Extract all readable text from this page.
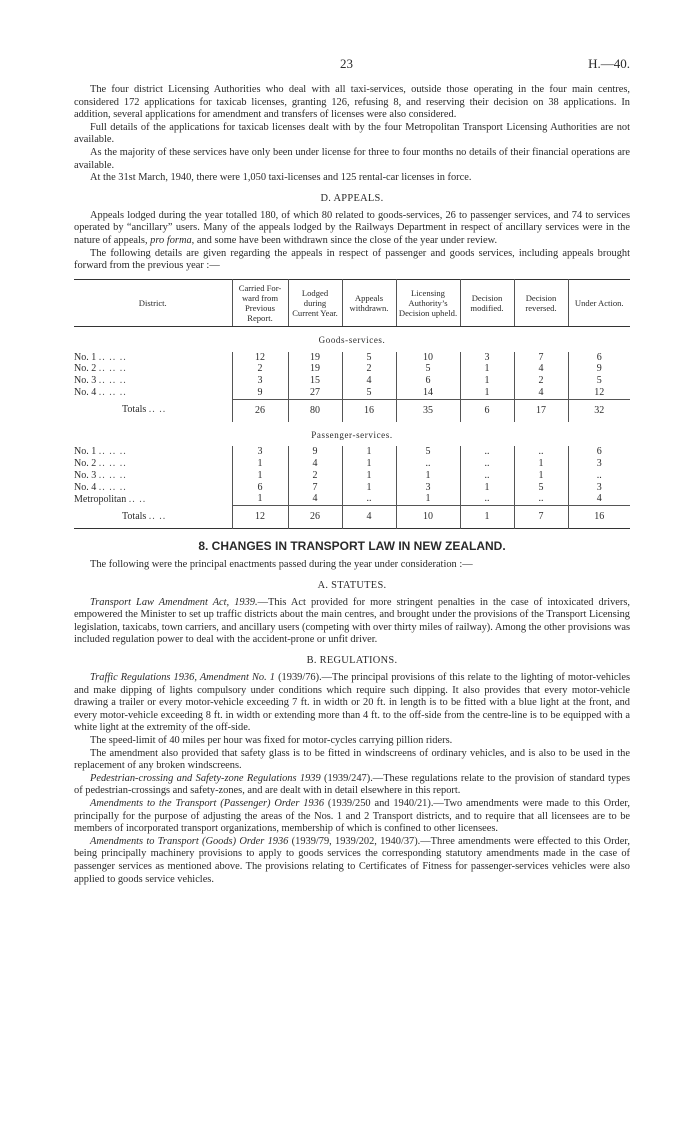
23	H.—40.

The four district Licensing Authorities who deal with all taxi-services, outside those operating in the four main centres, considered 172 applications for taxicab licenses, granting 126, refusing 8, and reserving their decision on 38 applications. In addition, several applications for amendment and transfers of licenses were also considered.

Full details of the applications for taxicab licenses dealt with by the four Metropolitan Transport Licensing Authorities are not available.

As the majority of these services have only been under license for three to four months no details of their financial operations are available.

At the 31st March, 1940, there were 1,050 taxi-licenses and 125 rental-car licenses in force.

D. APPEALS.

Appeals lodged during the year totalled 180, of which 80 related to goods-services, 26 to passenger services, and 74 to services operated by “ancillary” users. Many of the appeals lodged by the Railways Department in respect of ancillary services were in the nature of appeals, pro forma, and some have been withdrawn since the close of the year under review.

The following details are given regarding the appeals in respect of passenger and goods services, including appeals brought forward from the previous year :—

District.	Carried For-ward from Previous Report.	Lodged during Current Year.	Appeals withdrawn.	Licensing Authority’s Decision upheld.	Decision modified.	Decision reversed.	Under Action.
Goods-services.							
No. 1 .. .. ..	12	19	5	10	3	7	6
No. 2 .. .. ..	2	19	2	5	1	4	9
No. 3 .. .. ..	3	15	4	6	1	2	5
No. 4 .. .. ..	9	27	5	14	1	4	12
Totals .. ..	26	80	16	35	6	17	32
Passenger-services.							
No. 1 .. .. ..	3	9	1	5	..	..	6
No. 2 .. .. ..	1	4	1	..	..	1	3
No. 3 .. .. ..	1	2	1	1	..	1	..
No. 4 .. .. ..	6	7	1	3	1	5	3
Metropolitan .. ..	1	4	..	1	..	..	4
Totals .. ..	12	26	4	10	1	7	16
8. CHANGES IN TRANSPORT LAW IN NEW ZEALAND.

The following were the principal enactments passed during the year under consideration :—

A. STATUTES.

Transport Law Amendment Act, 1939.—This Act provided for more stringent penalties in the case of intoxicated drivers, empowered the Minister to set up traffic districts about the main centres, and brought under the provisions of the Transport Licensing legislation, taxicabs, town carriers, and ancillary users (competing with over thirty miles of railway). Among the other provisions was included regulation power to deal with the accident-prone or unfit driver.

B. REGULATIONS.

Traffic Regulations 1936, Amendment No. 1 (1939/76).—The principal provisions of this relate to the lighting of motor-vehicles and make dipping of lights compulsory under conditions which require such dipping. It also provides that every motor-vehicle drawing a trailer or every motor-vehicle exceeding 7 ft. in width or 20 ft. in length is to be fitted with a blue light at the front, and every motor-vehicle exceeding 8 ft. in width or extending more than 4 ft. to the off-side from the centre-line is to be equipped with a white light at the extremity of the off-side.

The speed-limit of 40 miles per hour was fixed for motor-cycles carrying pillion riders.

The amendment also provided that safety glass is to be fitted in windscreens of ordinary vehicles, and is also to be used in the replacement of any broken windscreens.

Pedestrian-crossing and Safety-zone Regulations 1939 (1939/247).—These regulations relate to the provision of standard types of pedestrian-crossings and safety-zones, and are dealt with in detail elsewhere in this report.

Amendments to the Transport (Passenger) Order 1936 (1939/250 and 1940/21).—Two amendments were made to this Order, principally for the purpose of adjusting the areas of the Nos. 1 and 2 Transport districts, and to require that all licensees are to be members of incorporated transport organizations, membership of which is confined to other licensees.

Amendments to Transport (Goods) Order 1936 (1939/79, 1939/202, 1940/37).—Three amendments were effected to this Order, being principally machinery provisions to apply to goods services the corresponding statutory amendments made in the case of passenger services as mentioned above. The provisions relating to Certificates of Fitness for passenger-services vehicles were also applied to goods service vehicles.
